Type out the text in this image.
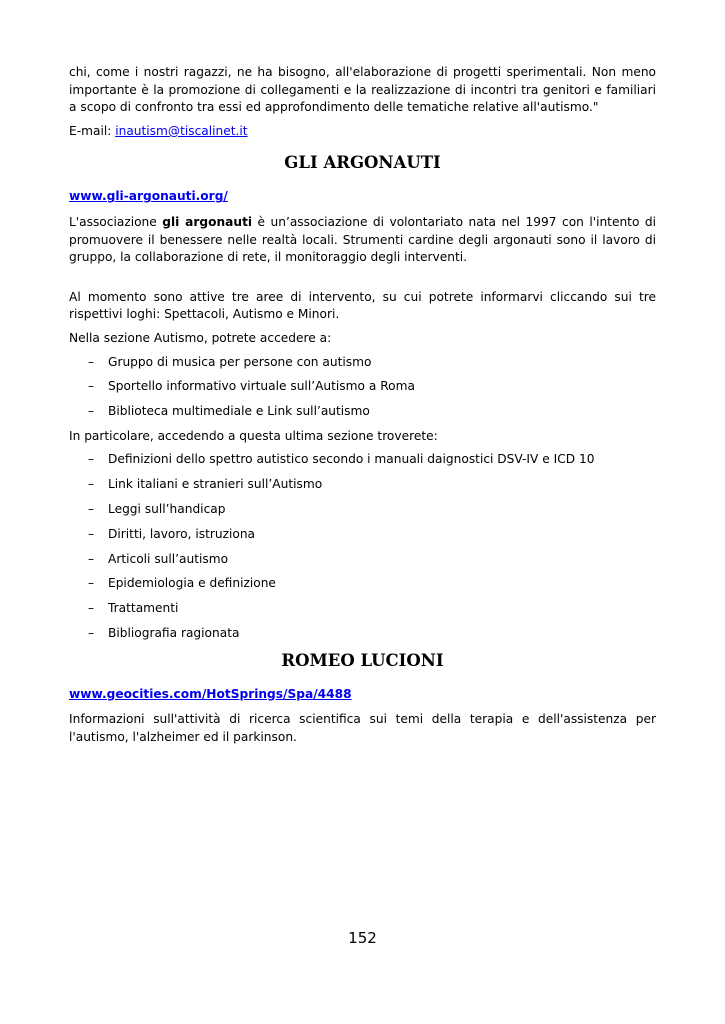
chi, come i nostri ragazzi, ne ha bisogno, all'elaborazione di progetti sperimentali. Non meno importante è la promozione di collegamenti e la realizzazione di incontri tra genitori e familiari a scopo di confronto tra essi ed approfondimento delle tematiche relative all'autismo."

E-mail: inautism@tiscalinet.it

GLI ARGONAUTI
www.gli-argonauti.org/

L'associazione gli argonauti è un’associazione di volontariato nata nel 1997 con l'intento di promuovere il benessere nelle realtà locali. Strumenti cardine degli argonauti sono il lavoro di gruppo, la collaborazione di rete, il monitoraggio degli interventi.

Al momento sono attive tre aree di intervento, su cui potrete informarvi cliccando sui tre rispettivi loghi: Spettacoli, Autismo e Minori.

Nella sezione Autismo, potrete accedere a:

– Gruppo di musica per persone con autismo
– Sportello informativo virtuale sull’Autismo a Roma
– Biblioteca multimediale e Link sull’autismo

In particolare, accedendo a questa ultima sezione troverete:

– Definizioni dello spettro autistico secondo i manuali daignostici DSV-IV e ICD 10
– Link italiani e stranieri sull’Autismo
– Leggi sull’handicap
– Diritti, lavoro, istruziona
– Articoli sull’autismo
– Epidemiologia e definizione
– Trattamenti
– Bibliografia ragionata
ROMEO LUCIONI
www.geocities.com/HotSprings/Spa/4488

Informazioni sull'attività di ricerca scientifica sui temi della terapia e dell'assistenza per l'autismo, l'alzheimer ed il parkinson.

152
